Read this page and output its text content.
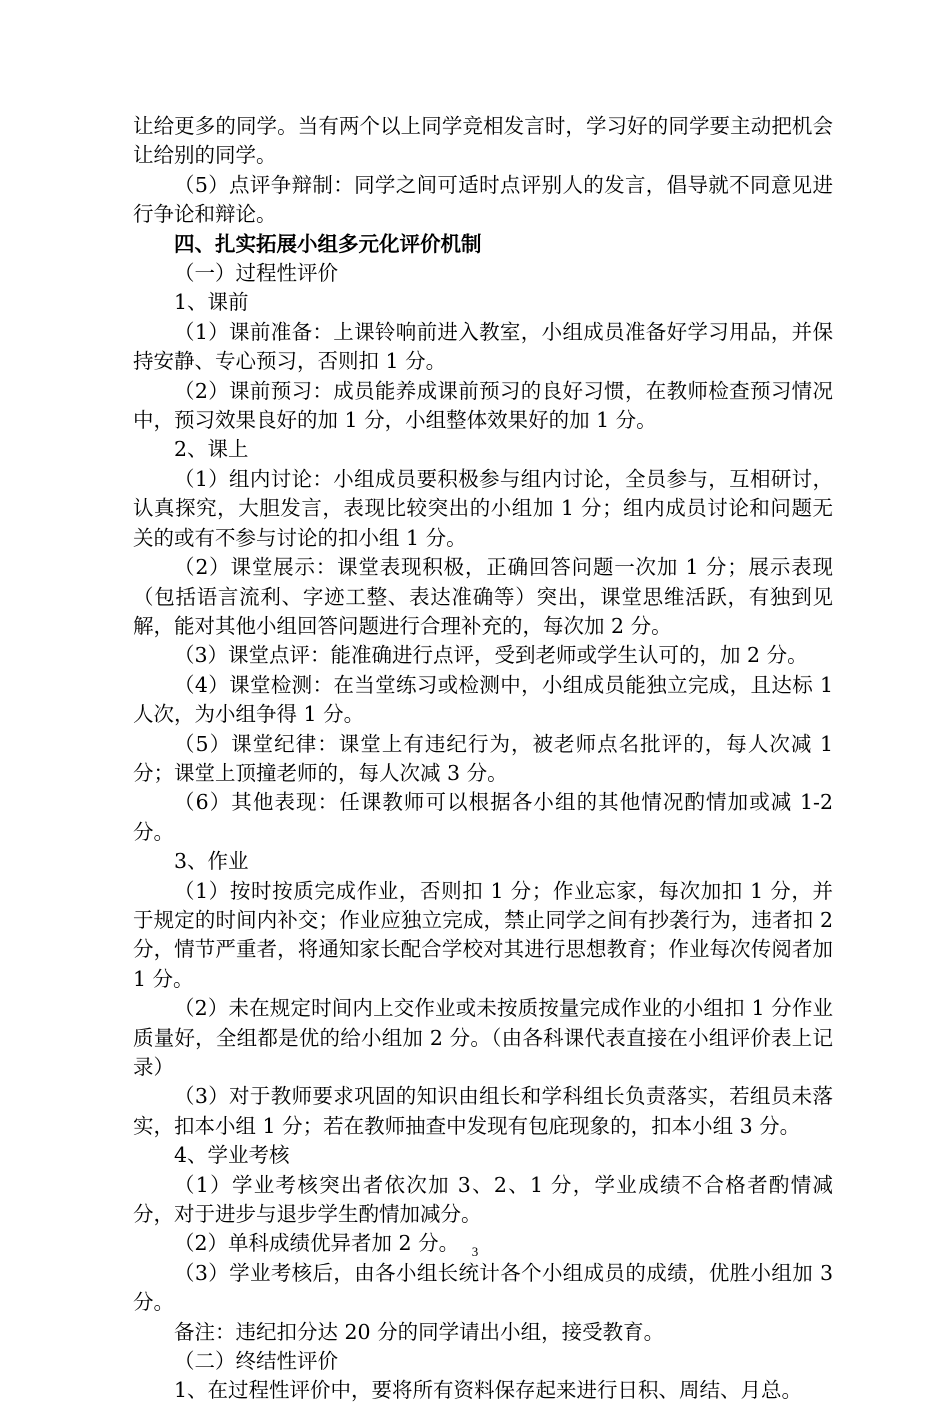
让给更多的同学。当有两个以上同学竞相发言时，学习好的同学要主动把机会让给别的同学。

（5）点评争辩制：同学之间可适时点评别人的发言，倡导就不同意见进行争论和辩论。

四、扎实拓展小组多元化评价机制

（一）过程性评价

1、课前

（1）课前准备：上课铃响前进入教室，小组成员准备好学习用品，并保持安静、专心预习，否则扣 1 分。

（2）课前预习：成员能养成课前预习的良好习惯，在教师检查预习情况中，预习效果良好的加 1 分，小组整体效果好的加 1 分。

2、课上

（1）组内讨论：小组成员要积极参与组内讨论，全员参与，互相研讨，认真探究，大胆发言，表现比较突出的小组加 1 分；组内成员讨论和问题无关的或有不参与讨论的扣小组 1 分。

（2）课堂展示：课堂表现积极，正确回答问题一次加 1 分；展示表现（包括语言流利、字迹工整、表达准确等）突出，课堂思维活跃，有独到见解，能对其他小组回答问题进行合理补充的，每次加 2 分。

（3）课堂点评：能准确进行点评，受到老师或学生认可的，加 2 分。

（4）课堂检测：在当堂练习或检测中，小组成员能独立完成，且达标 1 人次，为小组争得 1 分。

（5）课堂纪律：课堂上有违纪行为，被老师点名批评的，每人次减 1 分；课堂上顶撞老师的，每人次减 3 分。

（6）其他表现：任课教师可以根据各小组的其他情况酌情加或减 1-2 分。

3、作业

（1）按时按质完成作业，否则扣 1 分；作业忘家，每次加扣 1 分，并于规定的时间内补交；作业应独立完成，禁止同学之间有抄袭行为，违者扣 2 分，情节严重者，将通知家长配合学校对其进行思想教育；作业每次传阅者加 1 分。

（2）未在规定时间内上交作业或未按质按量完成作业的小组扣 1 分作业质量好，全组都是优的给小组加 2 分。（由各科课代表直接在小组评价表上记录）

（3）对于教师要求巩固的知识由组长和学科组长负责落实，若组员未落实，扣本小组 1 分；若在教师抽查中发现有包庇现象的，扣本小组 3 分。

4、学业考核

（1）学业考核突出者依次加 3、2、1 分，学业成绩不合格者酌情减分，对于进步与退步学生酌情加减分。

（2）单科成绩优异者加 2 分。

（3）学业考核后，由各小组长统计各个小组成员的成绩，优胜小组加 3 分。

备注：违纪扣分达 20 分的同学请出小组，接受教育。

（二）终结性评价

1、在过程性评价中，要将所有资料保存起来进行日积、周结、月总。

3
